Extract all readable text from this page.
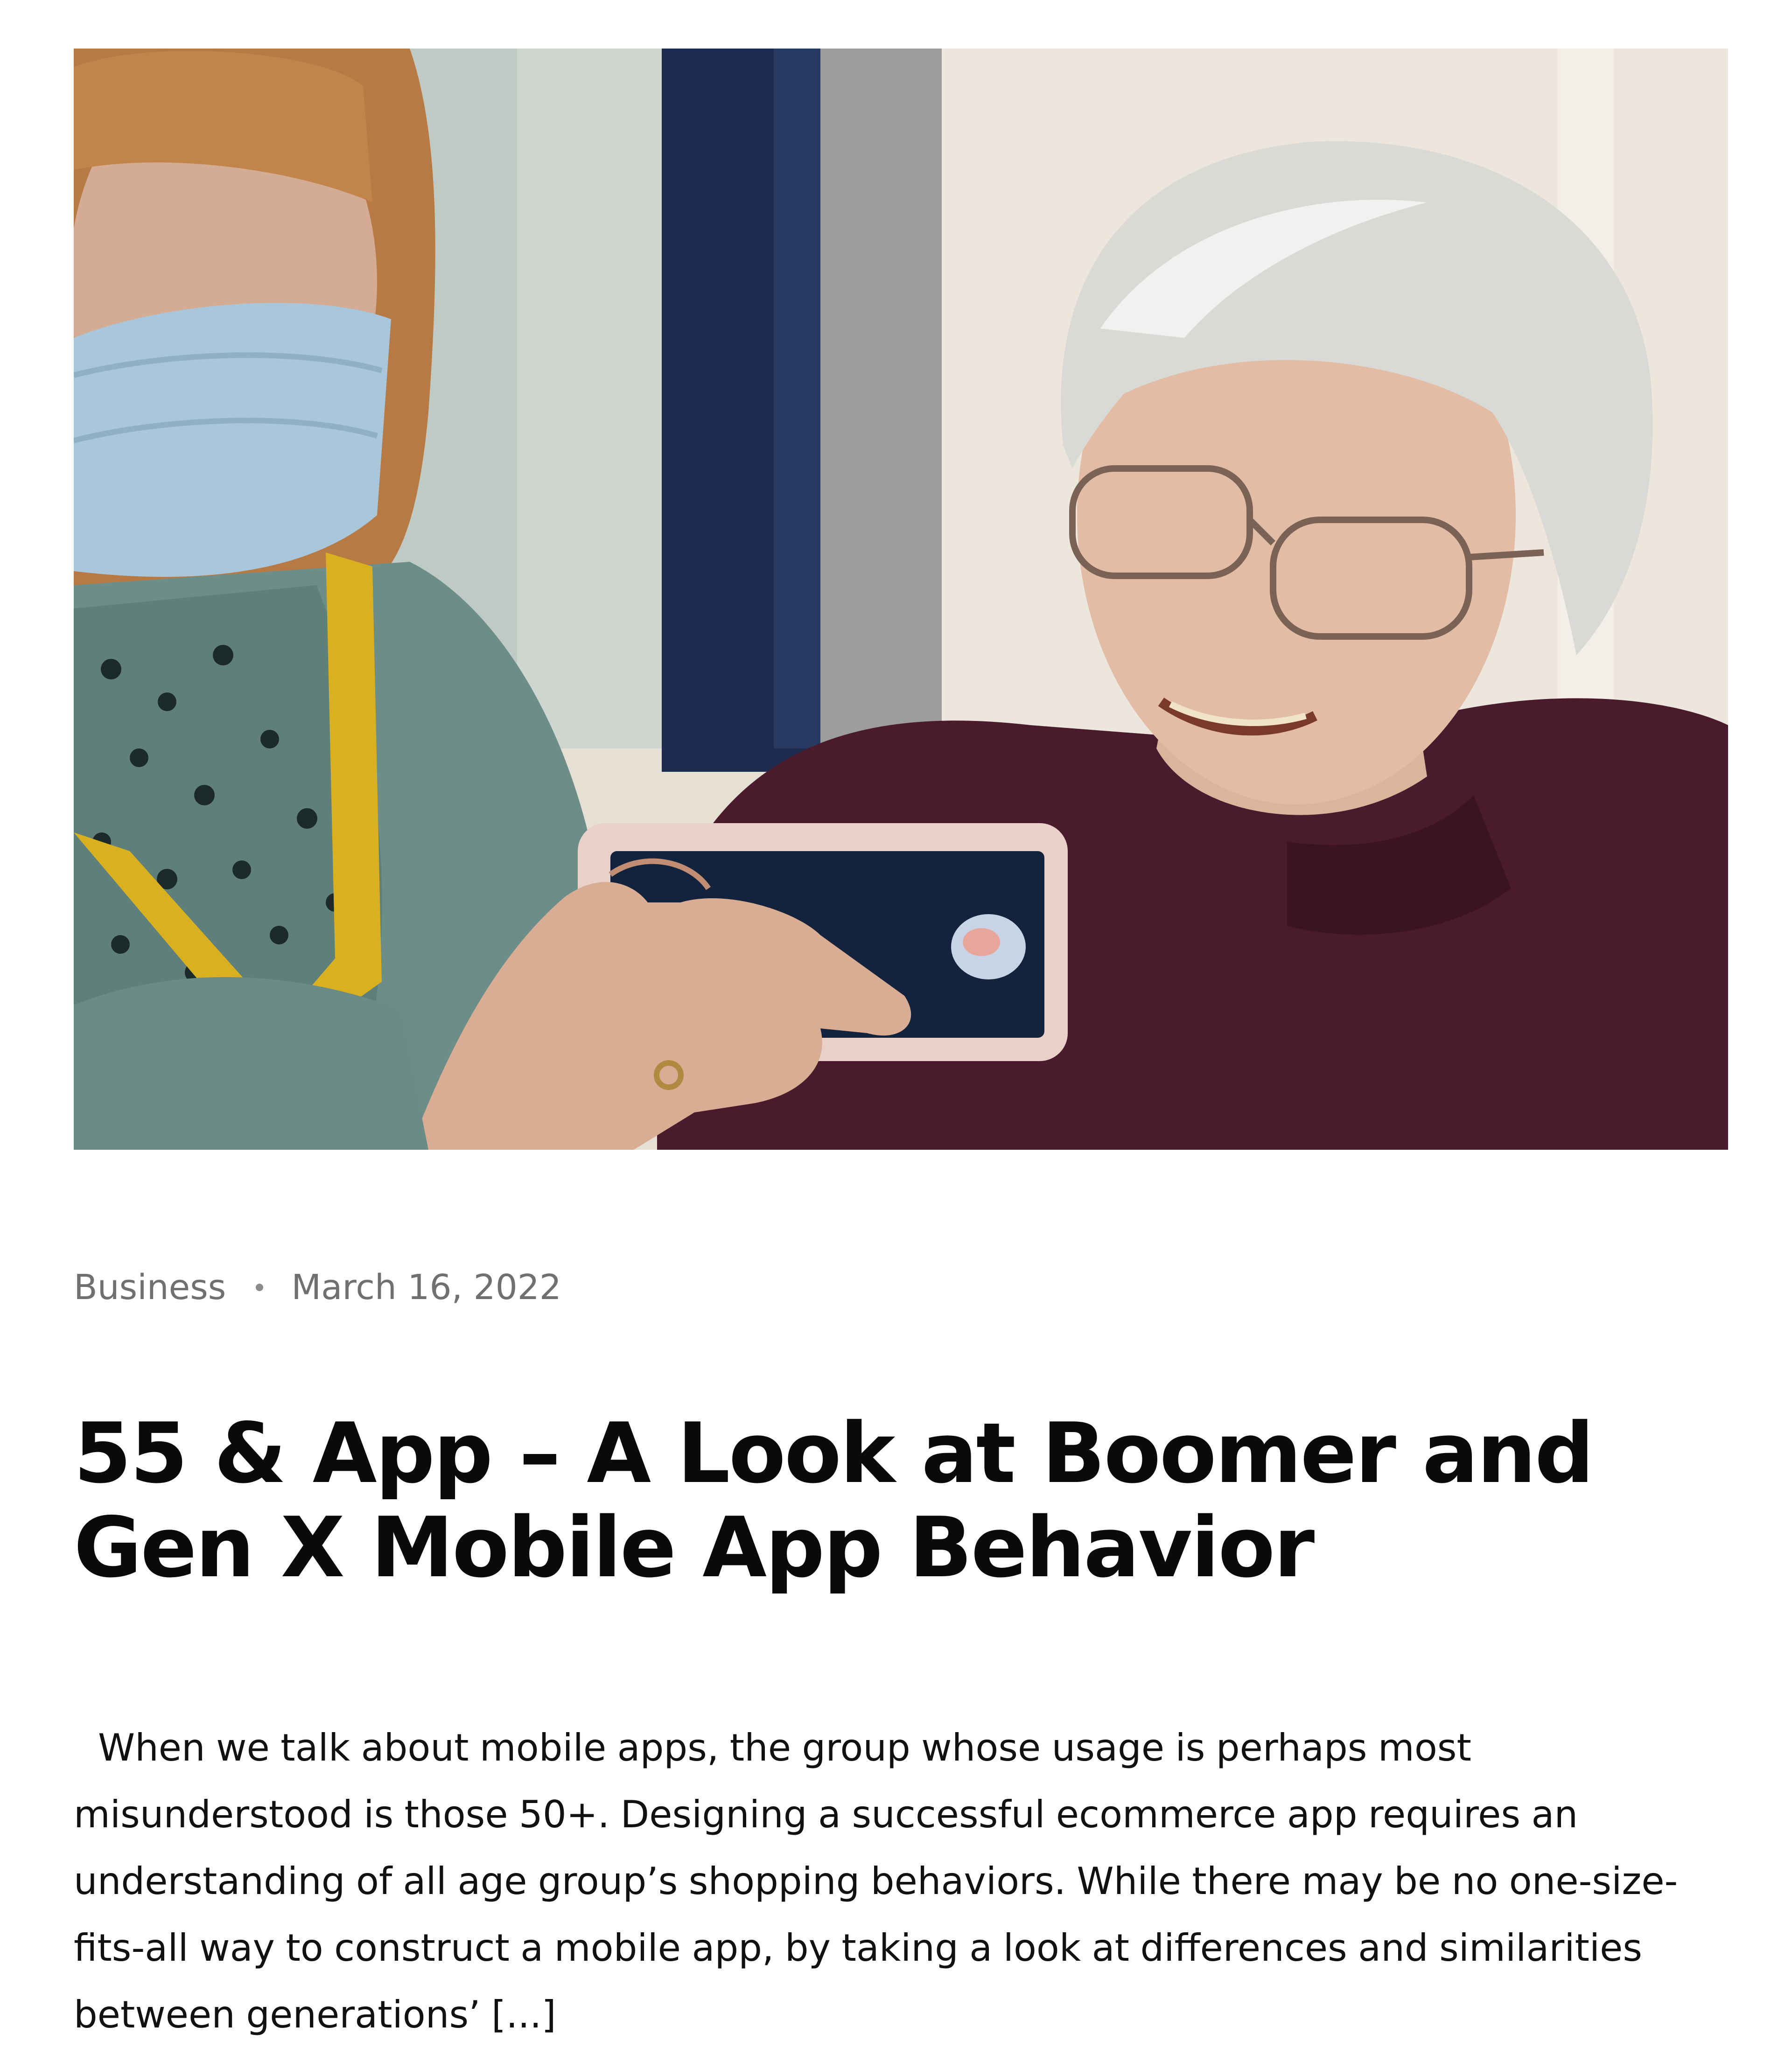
Business March 16, 2022
55 & App – A Look at Boomer and Gen X Mobile App Behavior

When we talk about mobile apps, the group whose usage is perhaps most misunderstood is those 50+. Designing a successful ecommerce app requires an understanding of all age group’s shopping behaviors. While there may be no one-size-fits-all way to construct a mobile app, by taking a look at differences and similarities between generations’ [...]
